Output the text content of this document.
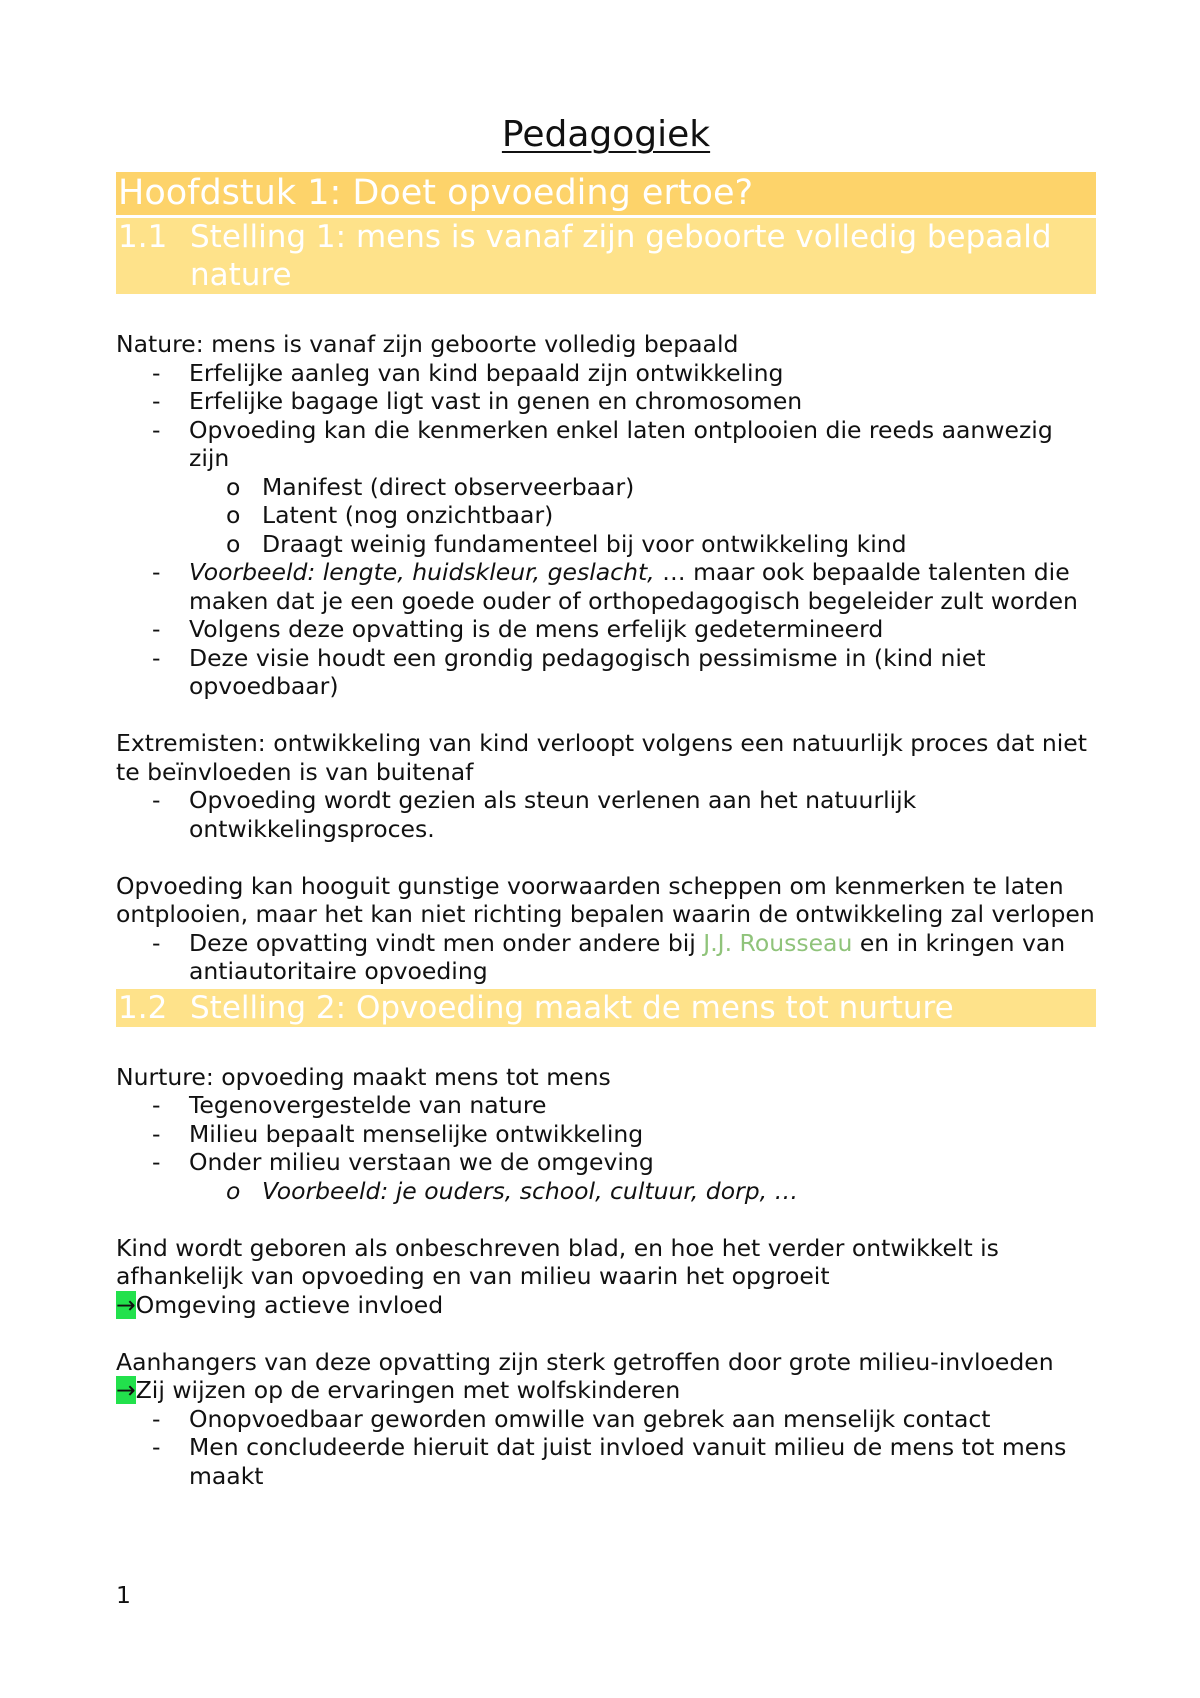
Pedagogiek
Hoofdstuk 1: Doet opvoeding ertoe?
1.1 Stelling 1: mens is vanaf zijn geboorte volledig bepaald nature

Nature: mens is vanaf zijn geboorte volledig bepaald

- Erfelijke aanleg van kind bepaald zijn ontwikkeling
- Erfelijke bagage ligt vast in genen en chromosomen
- Opvoeding kan die kenmerken enkel laten ontplooien die reeds aanwezig zijn
o Manifest (direct observeerbaar)
o Latent (nog onzichtbaar)
o Draagt weinig fundamenteel bij voor ontwikkeling kind
- Voorbeeld: lengte, huidskleur, geslacht, … maar ook bepaalde talenten die maken dat je een goede ouder of orthopedagogisch begeleider zult worden
- Volgens deze opvatting is de mens erfelijk gedetermineerd
- Deze visie houdt een grondig pedagogisch pessimisme in (kind niet opvoedbaar)

Extremisten: ontwikkeling van kind verloopt volgens een natuurlijk proces dat niet te beïnvloeden is van buitenaf

- Opvoeding wordt gezien als steun verlenen aan het natuurlijk ontwikkelingsproces.

Opvoeding kan hooguit gunstige voorwaarden scheppen om kenmerken te laten ontplooien, maar het kan niet richting bepalen waarin de ontwikkeling zal verlopen

- Deze opvatting vindt men onder andere bij J.J. Rousseau en in kringen van antiautoritaire opvoeding
1.2 Stelling 2: Opvoeding maakt de mens tot nurture

Nurture: opvoeding maakt mens tot mens

- Tegenovergestelde van nature
- Milieu bepaalt menselijke ontwikkeling
- Onder milieu verstaan we de omgeving
o Voorbeeld: je ouders, school, cultuur, dorp, …

Kind wordt geboren als onbeschreven blad, en hoe het verder ontwikkelt is afhankelijk van opvoeding en van milieu waarin het opgroeit

→Omgeving actieve invloed

Aanhangers van deze opvatting zijn sterk getroffen door grote milieu-invloeden

→Zij wijzen op de ervaringen met wolfskinderen

- Onopvoedbaar geworden omwille van gebrek aan menselijk contact
- Men concludeerde hieruit dat juist invloed vanuit milieu de mens tot mens maakt
1
